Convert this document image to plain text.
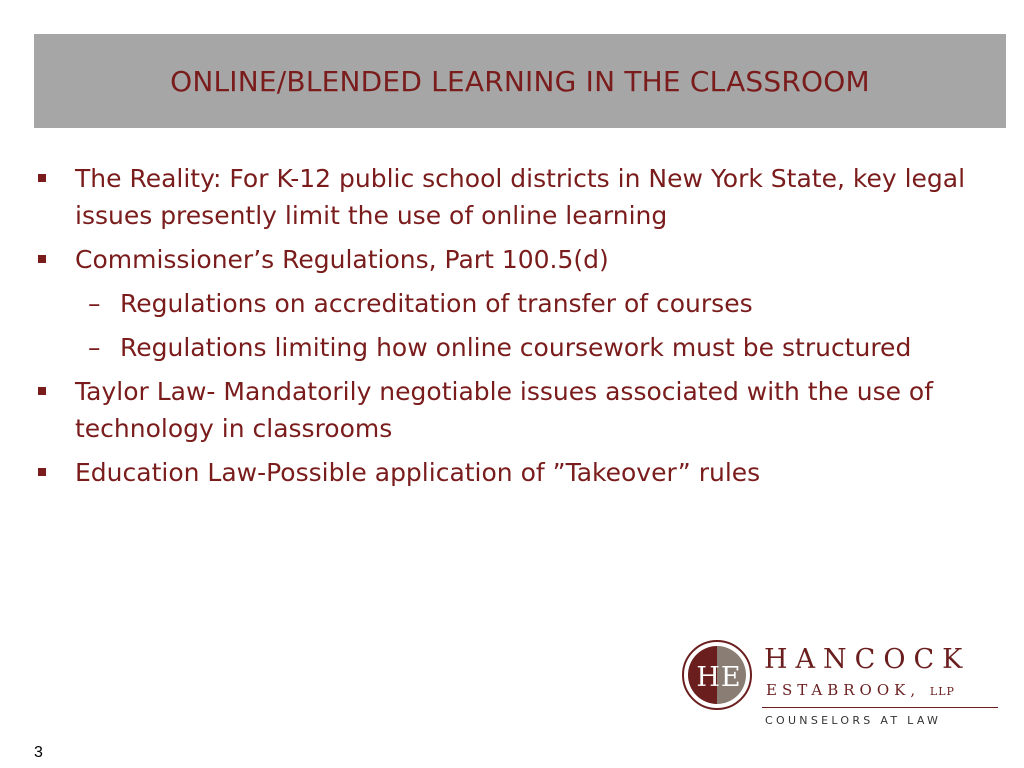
ONLINE/BLENDED LEARNING IN THE CLASSROOM
The Reality: For K-12 public school districts in New York State, key legal issues presently limit the use of online learning
Commissioner’s Regulations, Part 100.5(d)
– Regulations on accreditation of transfer of courses
– Regulations limiting how online coursework must be structured
Taylor Law- Mandatorily negotiable issues associated with the use of technology in classrooms
Education Law-Possible application of ”Takeover” rules
HE
HANCOCK
ESTABROOK, LLP
COUNSELORS AT LAW
3
